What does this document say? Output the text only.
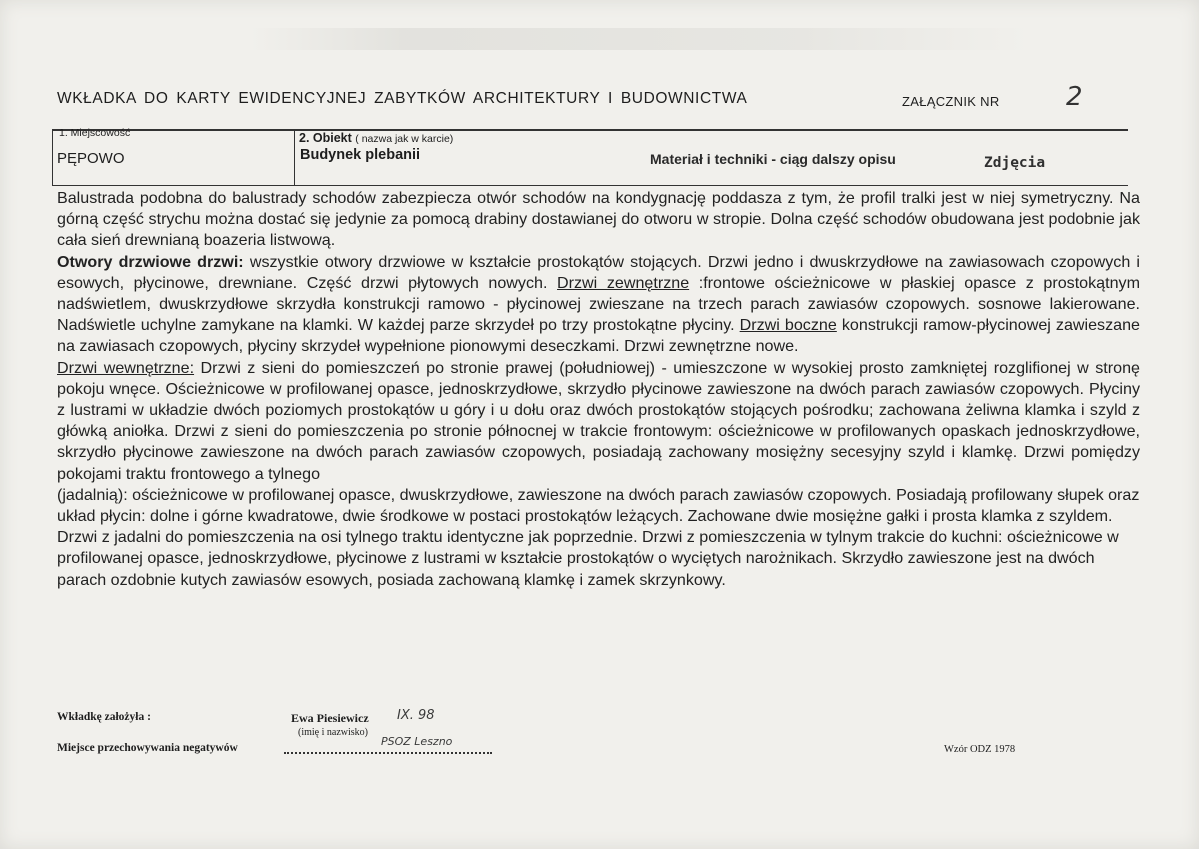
WKŁADKA DO KARTY EWIDENCYJNEJ ZABYTKÓW ARCHITEKTURY I BUDOWNICTWA	ZAŁĄCZNIK NR	2
1. Miejscowość
PĘPOWO
2. Obiekt ( nazwa jak w karcie)
Budynek plebanii	Materiał i techniki - ciąg dalszy opisu	Zdjęcia

Balustrada podobna do balustrady schodów zabezpiecza otwór schodów na kondygnację poddasza z tym, że profil tralki jest w niej symetryczny. Na górną część strychu można dostać się jedynie za pomocą drabiny dostawianej do otworu w stropie. Dolna część schodów obudowana jest podobnie jak cała sień drewnianą boazeria listwową.

Otwory drzwiowe drzwi: wszystkie otwory drzwiowe w kształcie prostokątów stojących. Drzwi jedno i dwuskrzydłowe na zawiasowach czopowych i esowych, płycinowe, drewniane. Część drzwi płytowych nowych. Drzwi zewnętrzne :frontowe ościeżnicowe w płaskiej opasce z prostokątnym nadświetlem, dwuskrzydłowe skrzydła konstrukcji ramowo - płycinowej zwieszane na trzech parach zawiasów czopowych. sosnowe lakierowane. Nadświetle uchylne zamykane na klamki. W każdej parze skrzydeł po trzy prostokątne płyciny. Drzwi boczne konstrukcji ramow-płycinowej zawieszane na zawiasach czopowych, płyciny skrzydeł wypełnione pionowymi deseczkami. Drzwi zewnętrzne nowe.

Drzwi wewnętrzne: Drzwi z sieni do pomieszczeń po stronie prawej (południowej) - umieszczone w wysokiej prosto zamkniętej rozglifionej w stronę pokoju wnęce. Ościeżnicowe w profilowanej opasce, jednoskrzydłowe, skrzydło płycinowe zawieszone na dwóch parach zawiasów czopowych. Płyciny z lustrami w układzie dwóch poziomych prostokątów u góry i u dołu oraz dwóch prostokątów stojących pośrodku; zachowana żeliwna klamka i szyld z główką aniołka. Drzwi z sieni do pomieszczenia po stronie północnej w trakcie frontowym: ościeżnicowe w profilowanych opaskach jednoskrzydłowe, skrzydło płycinowe zawieszone na dwóch parach zawiasów czopowych, posiadają zachowany mosiężny secesyjny szyld i klamkę. Drzwi pomiędzy pokojami traktu frontowego a tylnego

(jadalnią): ościeżnicowe w profilowanej opasce, dwuskrzydłowe, zawieszone na dwóch parach zawiasów czopowych. Posiadają profilowany słupek oraz układ płycin: dolne i górne kwadratowe, dwie środkowe w postaci prostokątów leżących. Zachowane dwie mosiężne gałki i prosta klamka z szyldem. Drzwi z jadalni do pomieszczenia na osi tylnego traktu identyczne jak poprzednie. Drzwi z pomieszczenia w tylnym trakcie do kuchni: ościeżnicowe w profilowanej opasce, jednoskrzydłowe, płycinowe z lustrami w kształcie prostokątów o wyciętych narożnikach. Skrzydło zawieszone jest na dwóch parach ozdobnie kutych zawiasów esowych, posiada zachowaną klamkę i zamek skrzynkowy.

Wkładkę założyła :	Ewa Piesiewicz IX. 98
(imię i nazwisko)
Miejsce przechowywania negatywów	PSOZ Leszno
Wzór ODZ 1978
